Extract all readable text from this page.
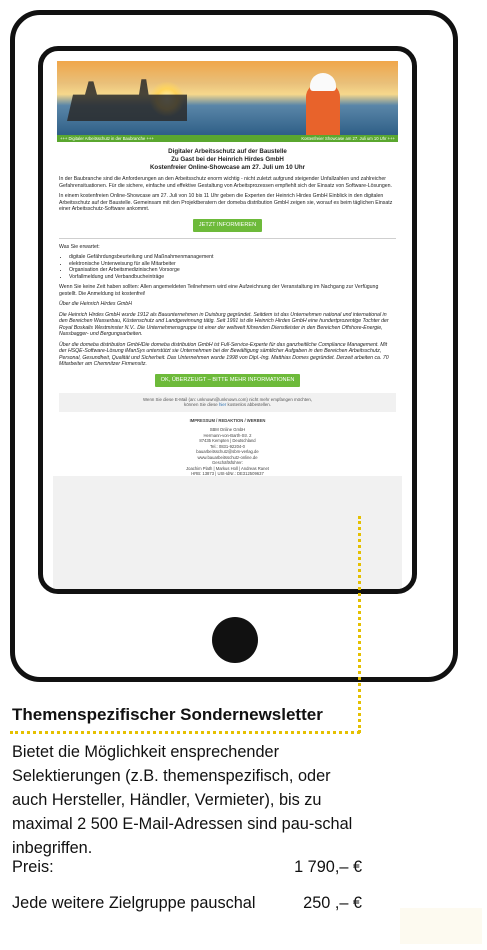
+++ Digitaler Arbeitsschutz in der Baubranche +++	Kostenfreier Showcase am 27. Juli um 10 Uhr +++
Digitaler Arbeitsschutz auf der Baustelle
Zu Gast bei der Heinrich Hirdes GmbH
Kostenfreier Online-Showcase am 27. Juli um 10 Uhr

In der Baubranche sind die Anforderungen an den Arbeitsschutz enorm wichtig - nicht zuletzt aufgrund steigender Unfallzahlen und zahlreicher Gefahrensituationen. Für die sichere, einfache und effektive Gestaltung von Arbeitsprozessen empfiehlt sich der Einsatz von Software-Lösungen.

In einem kostenfreien Online-Showcase am 27. Juli von 10 bis 11 Uhr geben die Experten der Heinrich Hirdes GmbH Einblick in den digitalen Arbeitsschutz auf der Baustelle. Gemeinsam mit den Projektberatern der domeba distribution GmbH zeigen sie, worauf es beim täglichen Einsatz einer Arbeitsschutz-Software ankommt.

JETZT INFORMIEREN

Was Sie erwartet:

• digitale Gefährdungsbeurteilung und Maßnahmenmanagement
• elektronische Unterweisung für alle Mitarbeiter
• Organisation der Arbeitsmedizinischen Vorsorge
• Vorfallmeldung und Verbandbucheinträge

Wenn Sie keine Zeit haben sollten: Allen angemeldeten Teilnehmern wird eine Aufzeichnung der Veranstaltung im Nachgang zur Verfügung gestellt. Die Anmeldung ist kostenfrei!

Über die Heinrich Hirdes GmbH

Die Heinrich Hirdes GmbH wurde 1912 als Bauunternehmen in Duisburg gegründet. Seitdem ist das Unternehmen national und international in den Bereichen Wasserbau, Küstenschutz und Landgewinnung tätig. Seit 1991 ist die Heinrich Hirdes GmbH eine hundertprozentige Tochter der Royal Boskalis Westminster N.V.. Die Unternehmensgruppe ist einer der weltweit führenden Dienstleister in den Bereichen Offshore-Energie, Nassbagger- und Bergungsarbeiten.

Über die domeba distribution GmbHDie domeba distribution GmbH ist Full-Service-Experte für das ganzheitliche Compliance Management. Mit der HSQE-Software-Lösung iManSys unterstützt sie Unternehmen bei der Bewältigung sämtlicher Aufgaben in den Bereichen Arbeitsschutz, Personal, Gesundheit, Qualität und Sicherheit. Das Unternehmen wurde 1998 von Dipl.-Ing. Matthias Domes gegründet. Derzeit arbeiten ca. 70 Mitarbeiter am Chemnitzer Firmensitz.

OK, ÜBERZEUGT – BITTE MEHR INFORMATIONEN
Wenn Sie diese E-Mail (an: unknown@unknown.com) nicht mehr empfangen möchten,
können Sie diese hier kostenlos abbestellen.
IMPRESSUM / REDAKTION / WERBEN
SBM Online GmbH
Hermann-von-Barth-Str. 2
87435 Kempten | Deutschland
Tel.: 0831-92204-0
bauarbeitsschutz@sbm-verlag.de
www.bauarbeitsschutz-online.de
Geschäftsführer:
Joachim Plath | Markus Holl | Andreas Ranet
HRB: 13873 | USt-IdNr.: DE312509637
Themenspezifischer Sondernewsletter
Bietet die Möglichkeit ensprechender Selektierungen (z.B. themenspezifisch, oder auch Hersteller, Händler, Vermieter), bis zu maximal 2 500 E-Mail-Adressen sind pau-schal inbegriffen.
Preis:	1 790,– €
Jede weitere Zielgruppe pauschal	250 ,– €
